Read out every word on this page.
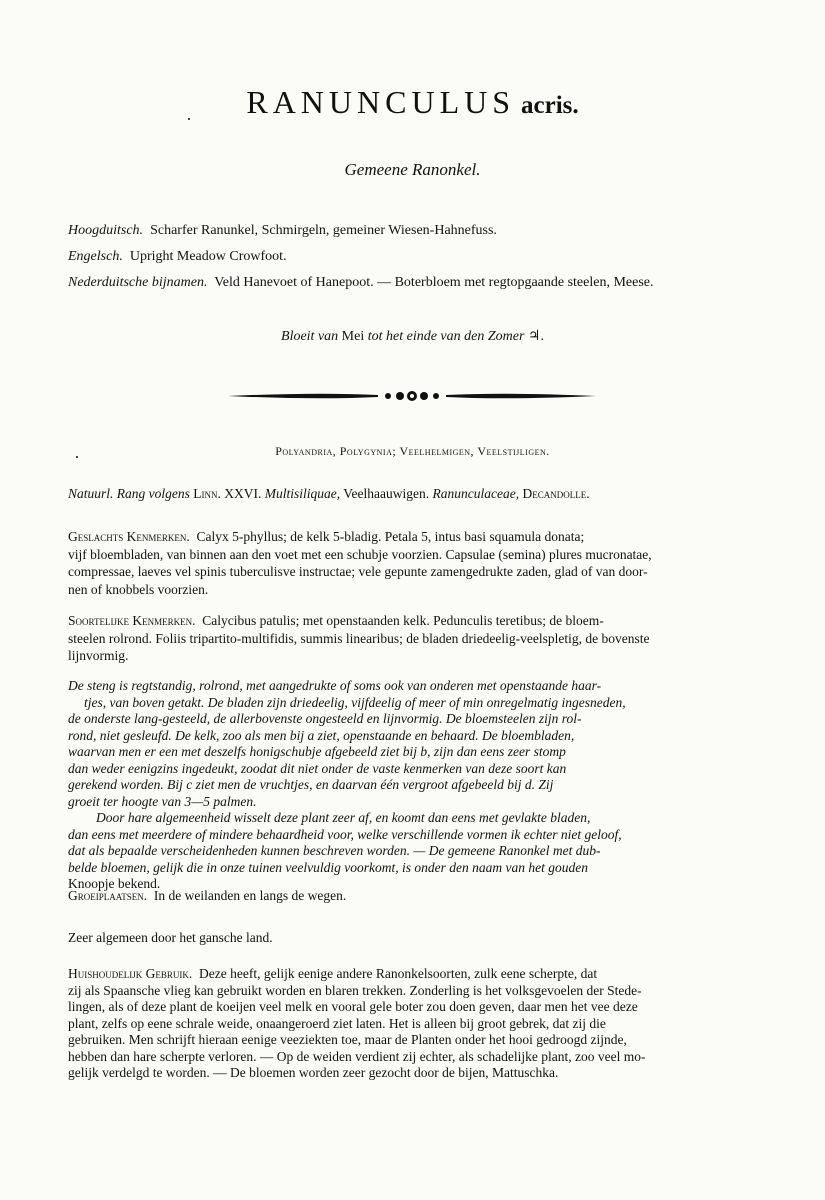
RANUNCULUS acris.
Gemeene Ranonkel.
Hoogduitsch. Scharfer Ranunkel, Schmirgeln, gemeiner Wiesen-Hahnefuss.
Engelsch. Upright Meadow Crowfoot.
Nederduitsche bijnamen. Veld Hanevoet of Hanepoot. — Boterbloem met regtopgaande steelen, Meese.
Bloeit van Mei tot het einde van den Zomer ♃.
Polyandria, Polygynia; Veelhelmigen, Veelstijligen.
Natuurl. Rang volgens Linn. XXVI. Multisiliquae, Veelhaauwigen. Ranunculaceae, Decandolle.
Geslachts Kenmerken. Calyx 5-phyllus; de kelk 5-bladig. Petala 5, intus basi squamula donata;
vijf bloembladen, van binnen aan den voet met een schubje voorzien. Capsulae (semina) plures mucronatae,
compressae, laeves vel spinis tuberculisve instructae; vele gepunte zamengedrukte zaden, glad of van door-
nen of knobbels voorzien.
Soortelijke Kenmerken. Calycibus patulis; met openstaanden kelk. Pedunculis teretibus; de bloem-
steelen rolrond. Foliis tripartito-multifidis, summis linearibus; de bladen driedeelig-veelspletig, de bovenste
lijnvormig.
De steng is regtstandig, rolrond, met aangedrukte of soms ook van onderen met openstaande haar-
tjes, van boven getakt. De bladen zijn driedeelig, vijfdeelig of meer of min onregelmatig ingesneden,
de onderste lang-gesteeld, de allerbovenste ongesteeld en lijnvormig. De bloemsteelen zijn rol-
rond, niet gesleufd. De kelk, zoo als men bij a ziet, openstaande en behaard. De bloembladen,
waarvan men er een met deszelfs honigschubje afgebeeld ziet bij b, zijn dan eens zeer stomp
dan weder eenigzins ingedeukt, zoodat dit niet onder de vaste kenmerken van deze soort kan
gerekend worden. Bij c ziet men de vruchtjes, en daarvan één vergroot afgebeeld bij d. Zij
groeit ter hoogte van 3—5 palmen.
Door hare algemeenheid wisselt deze plant zeer af, en koomt dan eens met gevlakte bladen,
dan eens met meerdere of mindere behaardheid voor, welke verschillende vormen ik echter niet geloof,
dat als bepaalde verscheidenheden kunnen beschreven worden. — De gemeene Ranonkel met dub-
belde bloemen, gelijk die in onze tuinen veelvuldig voorkomt, is onder den naam van het gouden
Knoopje bekend.
Groeiplaatsen. In de weilanden en langs de wegen.
Zeer algemeen door het gansche land.
Huishoudelijk Gebruik. Deze heeft, gelijk eenige andere Ranonkelsoorten, zulk eene scherpte, dat
zij als Spaansche vlieg kan gebruikt worden en blaren trekken. Zonderling is het volksgevoelen der Stede-
lingen, als of deze plant de koeijen veel melk en vooral gele boter zou doen geven, daar men het vee deze
plant, zelfs op eene schrale weide, onaangeroerd ziet laten. Het is alleen bij groot gebrek, dat zij die
gebruiken. Men schrijft hieraan eenige veeziekten toe, maar de Planten onder het hooi gedroogd zijnde,
hebben dan hare scherpte verloren. — Op de weiden verdient zij echter, als schadelijke plant, zoo veel mo-
gelijk verdelgd te worden. — De bloemen worden zeer gezocht door de bijen, Mattuschka.
